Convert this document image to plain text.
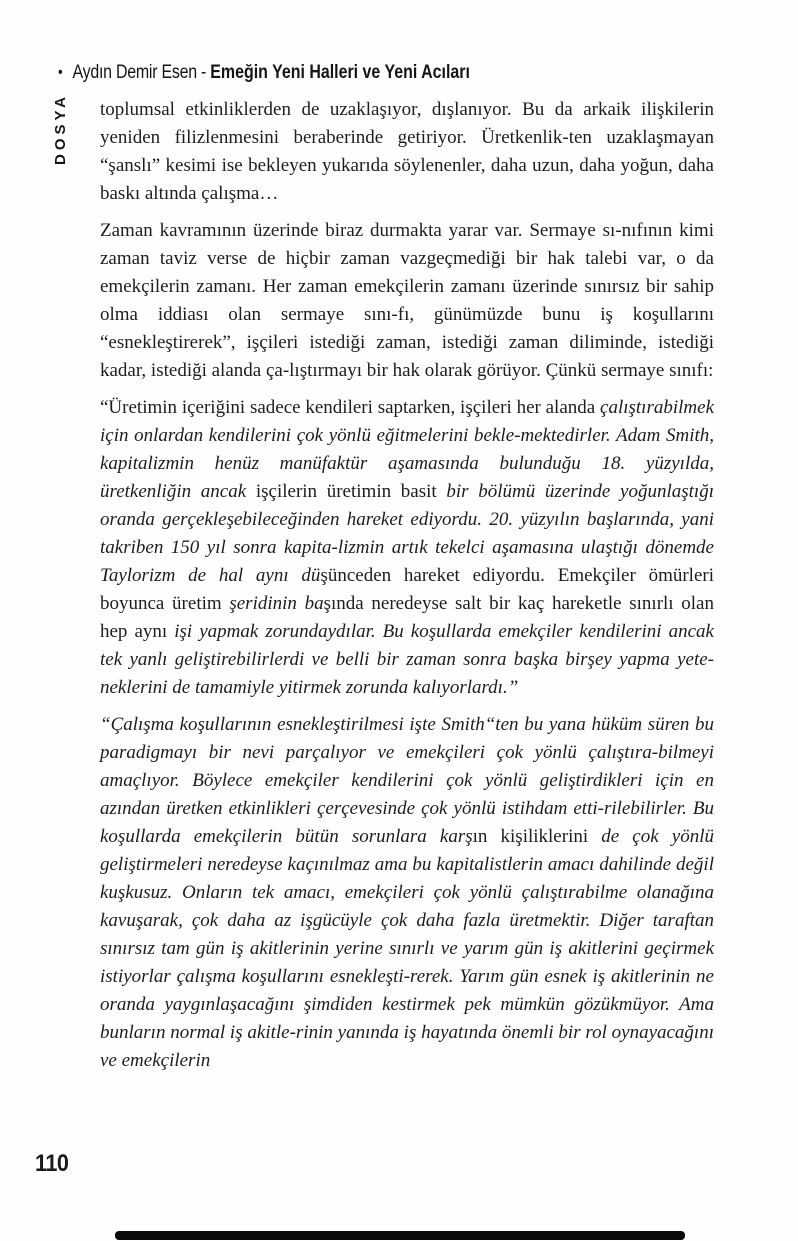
• Aydın Demir Esen - Emeğin Yeni Halleri ve Yeni Acıları
DOSYA toplumsal etkinliklerden de uzaklaşıyor, dışlanıyor. Bu da arkaik ilişkilerin yeniden filizlenmesini beraberinde getiriyor. Üretkenlik-ten uzaklaşmayan “şanslı” kesimi ise bekleyen yukarıda söylenenler, daha uzun, daha yoğun, daha baskı altında çalışma…

Zaman kavramının üzerinde biraz durmakta yarar var. Sermaye sı-nıfının kimi zaman taviz verse de hiçbir zaman vazgeçmediği bir hak talebi var, o da emekçilerin zamanı. Her zaman emekçilerin zamanı üzerinde sınırsız bir sahip olma iddiası olan sermaye sını-fı, günümüzde bunu iş koşullarını “esnekleştirerek”, işçileri istediği zaman, istediği zaman diliminde, istediği kadar, istediği alanda ça-lıştırmayı bir hak olarak görüyor. Çünkü sermaye sınıfı:

“Üretimin içeriğini sadece kendileri saptarken, işçileri her alanda çalıştırabilmek için onlardan kendilerini çok yönlü eğitmelerini bekle-mektedirler. Adam Smith, kapitalizmin henüz manüfaktür aşamasında bulunduğu 18. yüzyılda, üretkenliğin ancak işçilerin üretimin basit bir bölümü üzerinde yoğunlaştığı oranda gerçekleşebileceğinden hareket ediyordu. 20. yüzyılın başlarında, yani takriben 150 yıl sonra kapita-lizmin artık tekelci aşamasına ulaştığı dönemde Taylorizm de hal aynı düşünceden hareket ediyordu. Emekçiler ömürleri boyunca üretim şeridinin başında neredeyse salt bir kaç hareketle sınırlı olan hep aynı işi yapmak zorundaydılar. Bu koşullarda emekçiler kendilerini ancak tek yanlı geliştirebilirlerdi ve belli bir zaman sonra başka birşey yapma yete-neklerini de tamamiyle yitirmek zorunda kalıyorlardı.”

“Çalışma koşullarının esnekleştirilmesi işte Smith“ten bu yana hüküm süren bu paradigmayı bir nevi parçalıyor ve emekçileri çok yönlü çalıştıra-bilmeyi amaçlıyor. Böylece emekçiler kendilerini çok yönlü geliştirdikleri için en azından üretken etkinlikleri çerçevesinde çok yönlü istihdam etti-rilebilirler. Bu koşullarda emekçilerin bütün sorunlara karşın kişiliklerini de çok yönlü geliştirmeleri neredeyse kaçınılmaz ama bu kapitalistlerin amacı dahilinde değil kuşkusuz. Onların tek amacı, emekçileri çok yönlü çalıştırabilme olanağına kavuşarak, çok daha az işgücüyle çok daha fazla üretmektir. Diğer taraftan sınırsız tam gün iş akitlerinin yerine sınırlı ve yarım gün iş akitlerini geçirmek istiyorlar çalışma koşullarını esnekleşti-rerek. Yarım gün esnek iş akitlerinin ne oranda yaygınlaşacağını şimdiden kestirmek pek mümkün gözükmüyor. Ama bunların normal iş akitle-rinin yanında iş hayatında önemli bir rol oynayacağını ve emekçilerin

110
